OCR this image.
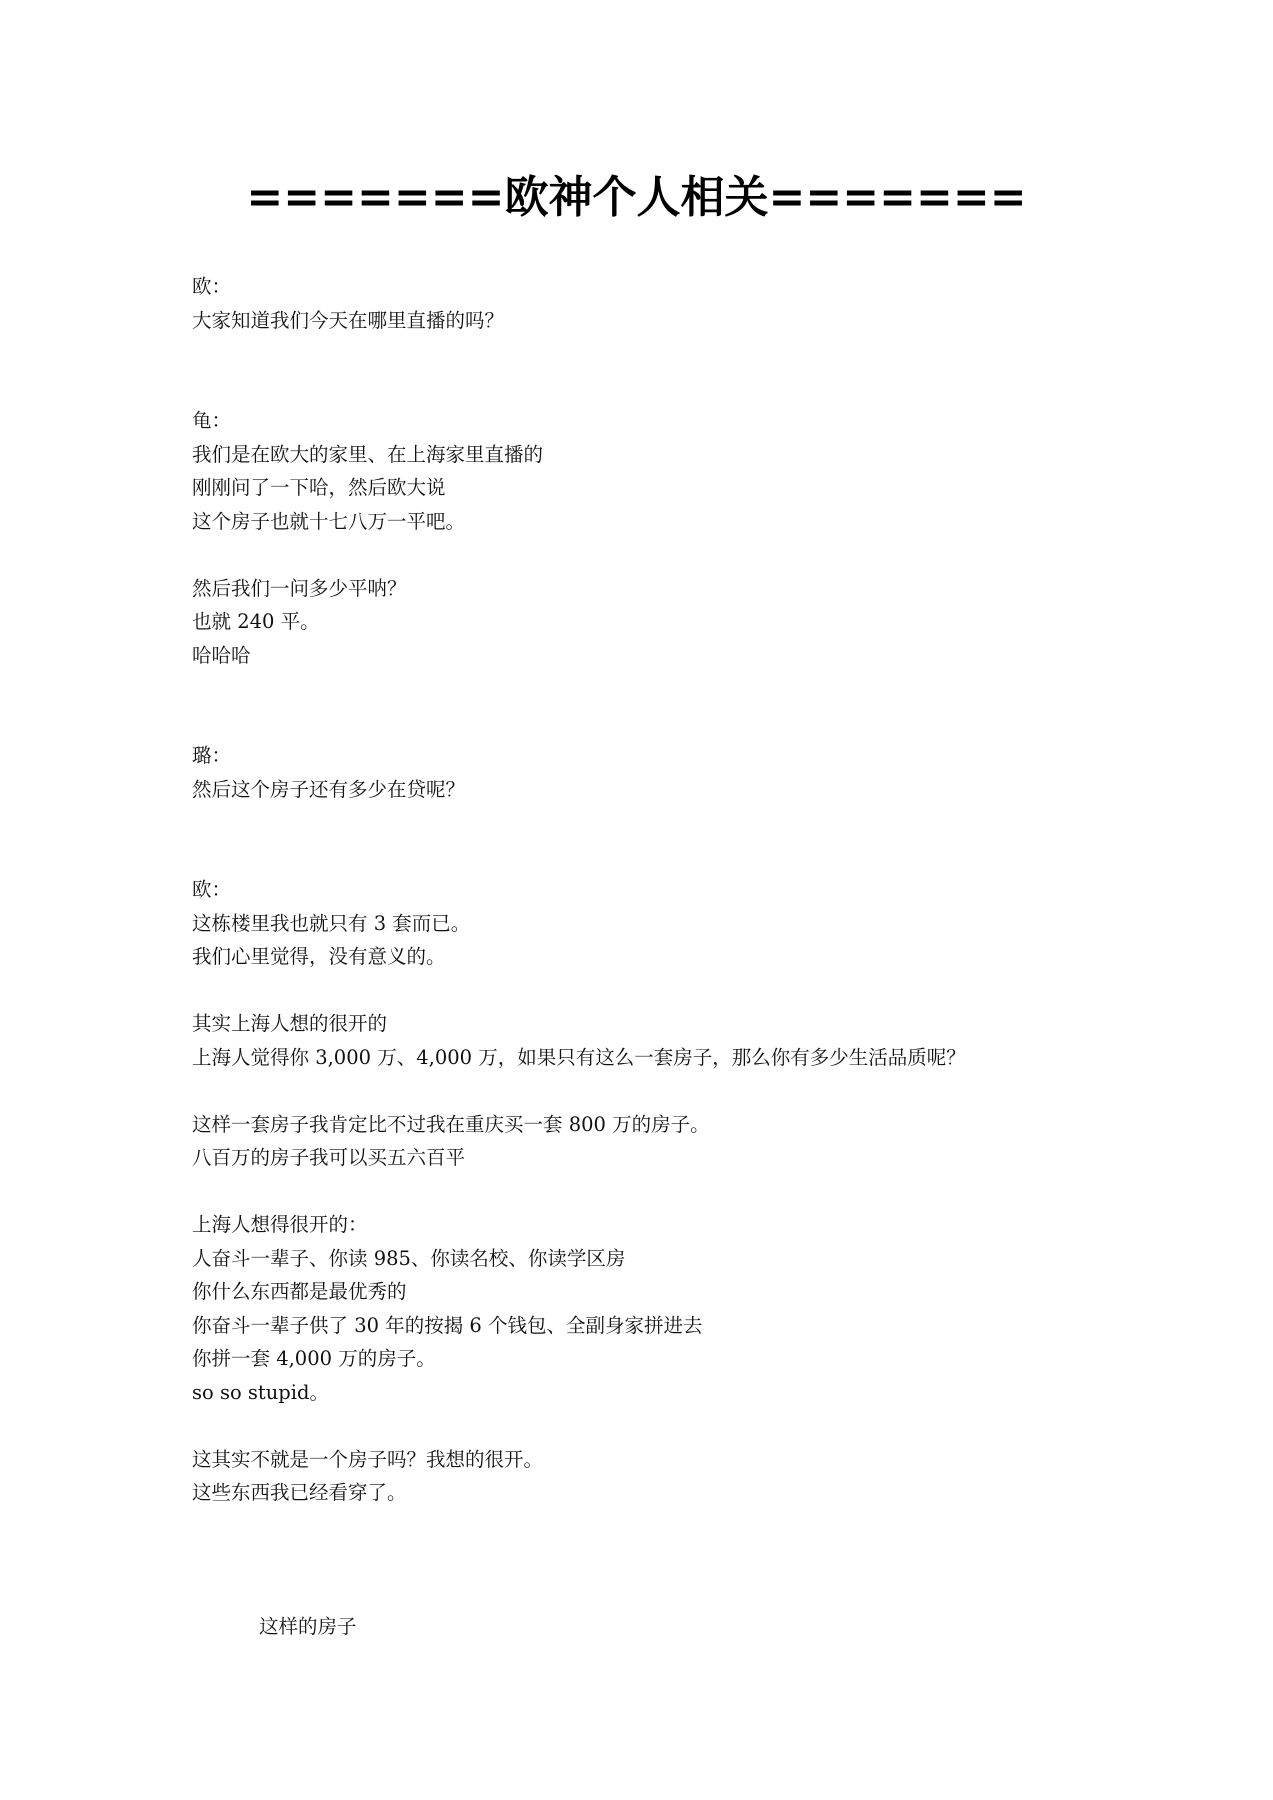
=======欧神个人相关=======
欧：
大家知道我们今天在哪里直播的吗？
龟：
我们是在欧大的家里、在上海家里直播的
刚刚问了一下哈，然后欧大说
这个房子也就十七八万一平吧。
然后我们一问多少平呐？
也就 240 平。
哈哈哈
璐：
然后这个房子还有多少在贷呢？
欧：
这栋楼里我也就只有 3 套而已。
我们心里觉得，没有意义的。
其实上海人想的很开的
上海人觉得你 3,000 万、4,000 万，如果只有这么一套房子，那么你有多少生活品质呢？
这样一套房子我肯定比不过我在重庆买一套 800 万的房子。
八百万的房子我可以买五六百平
上海人想得很开的：
人奋斗一辈子、你读 985、你读名校、你读学区房
你什么东西都是最优秀的
你奋斗一辈子供了 30 年的按揭 6 个钱包、全副身家拼进去
你拼一套 4,000 万的房子。
so so stupid。
这其实不就是一个房子吗？我想的很开。
这些东西我已经看穿了。
这样的房子
